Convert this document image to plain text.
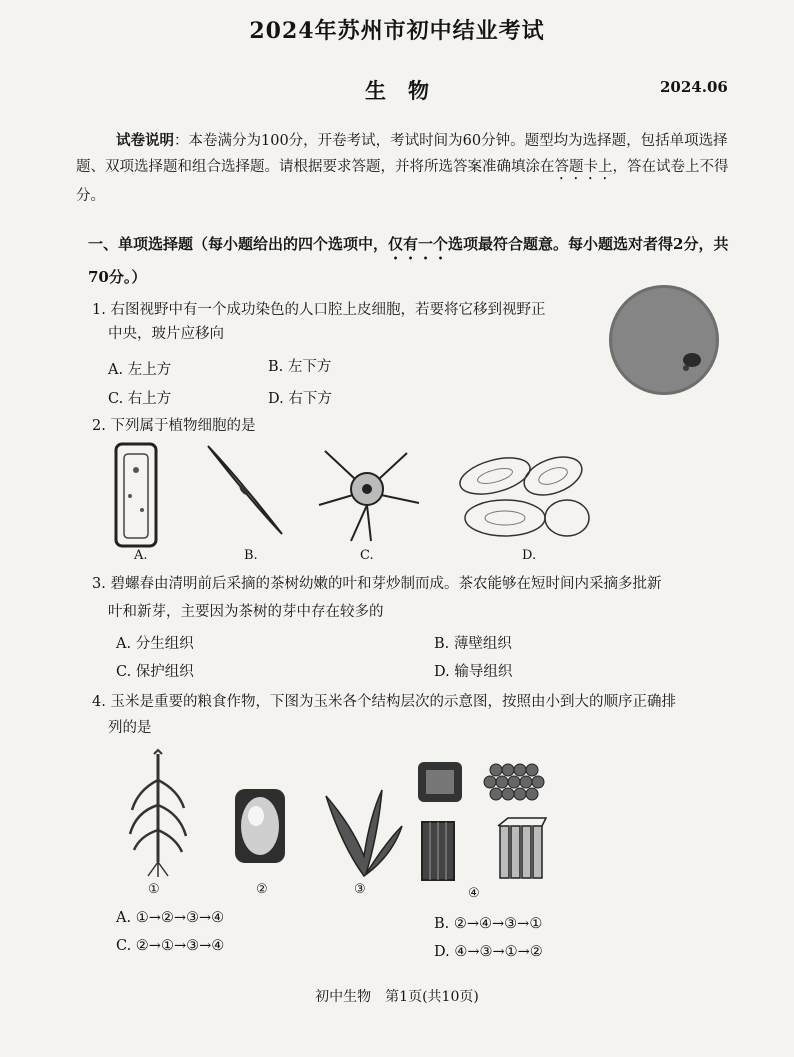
2024年苏州市初中结业考试
生物	2024.06
试卷说明：本卷满分为100分，开卷考试，考试时间为60分钟。题型均为选择题，包括单项选择题、双项选择题和组合选择题。请根据要求答题，并将所选答案准确填涂在答题卡上，答在试卷上不得分。
一、单项选择题（每小题给出的四个选项中，仅有一个选项最符合题意。每小题选对者得2分，共70分。）
1. 右图视野中有一个成功染色的人口腔上皮细胞，若要将它移到视野正
中央，玻片应移向
A. 左上方	B. 左下方
C. 右上方	D. 右下方
2. 下列属于植物细胞的是
A.	B.	C.	D.
3. 碧螺春由清明前后采摘的茶树幼嫩的叶和芽炒制而成。茶农能够在短时间内采摘多批新
叶和新芽，主要因为茶树的芽中存在较多的
A. 分生组织	B. 薄壁组织
C. 保护组织	D. 输导组织
4. 玉米是重要的粮食作物，下图为玉米各个结构层次的示意图，按照由小到大的顺序正确排
列的是
①	②	③	④
A. ①→②→③→④	B. ②→④→③→①
C. ②→①→③→④	D. ④→③→①→②
初中生物　第1页(共10页)
